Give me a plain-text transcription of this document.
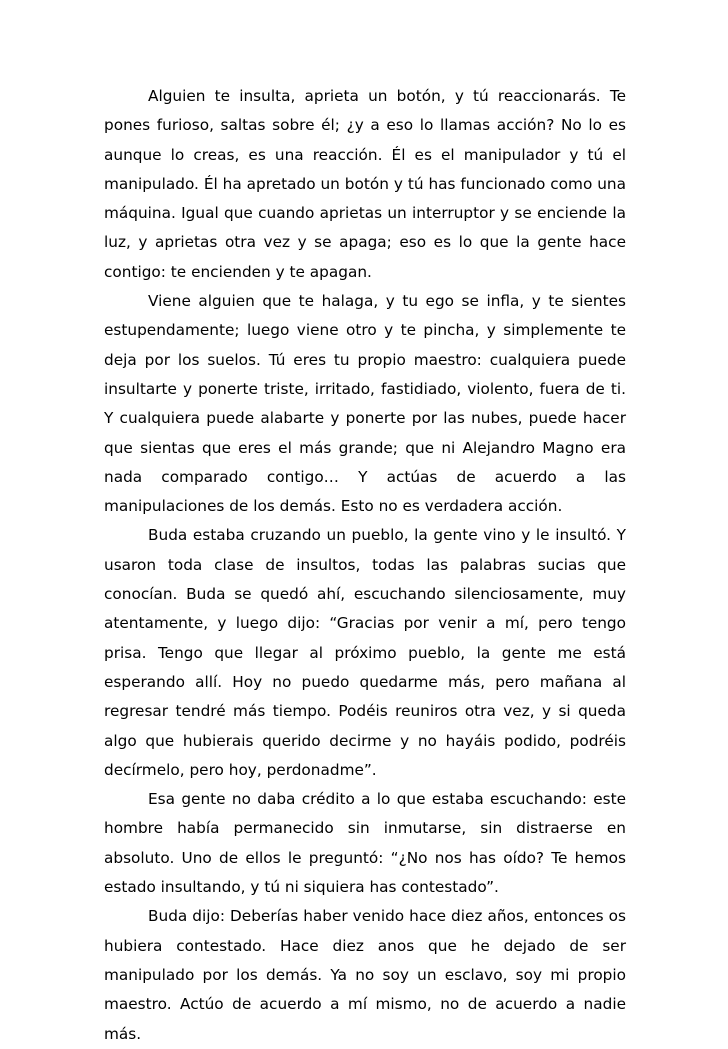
Alguien te insulta, aprieta un botón, y tú reaccionarás. Te pones furioso, saltas sobre él; ¿y a eso lo llamas acción? No lo es aunque lo creas, es una reacción. Él es el manipulador y tú el manipulado. Él ha apretado un botón y tú has funcionado como una máquina. Igual que cuando aprietas un interruptor y se enciende la luz, y aprietas otra vez y se apaga; eso es lo que la gente hace contigo: te encienden y te apagan.

Viene alguien que te halaga, y tu ego se infla, y te sientes estupendamente; luego viene otro y te pincha, y simplemente te deja por los suelos. Tú eres tu propio maestro: cualquiera puede insultarte y ponerte triste, irritado, fastidiado, violento, fuera de ti. Y cualquiera puede alabarte y ponerte por las nubes, puede hacer que sientas que eres el más grande; que ni Alejandro Magno era nada comparado contigo… Y actúas de acuerdo a las manipulaciones de los demás. Esto no es verdadera acción.

Buda estaba cruzando un pueblo, la gente vino y le insultó. Y usaron toda clase de insultos, todas las palabras sucias que conocían. Buda se quedó ahí, escuchando silenciosamente, muy atentamente, y luego dijo: “Gracias por venir a mí, pero tengo prisa. Tengo que llegar al próximo pueblo, la gente me está esperando allí. Hoy no puedo quedarme más, pero mañana al regresar tendré más tiempo. Podéis reuniros otra vez, y si queda algo que hubierais querido decirme y no hayáis podido, podréis decírmelo, pero hoy, perdonadme”.

Esa gente no daba crédito a lo que estaba escuchando: este hombre había permanecido sin inmutarse, sin distraerse en absoluto. Uno de ellos le preguntó: “¿No nos has oído? Te hemos estado insultando, y tú ni siquiera has contestado”.

Buda dijo: Deberías haber venido hace diez años, entonces os hubiera contestado. Hace diez anos que he dejado de ser manipulado por los demás. Ya no soy un esclavo, soy mi propio maestro. Actúo de acuerdo a mí mismo, no de acuerdo a nadie más.
